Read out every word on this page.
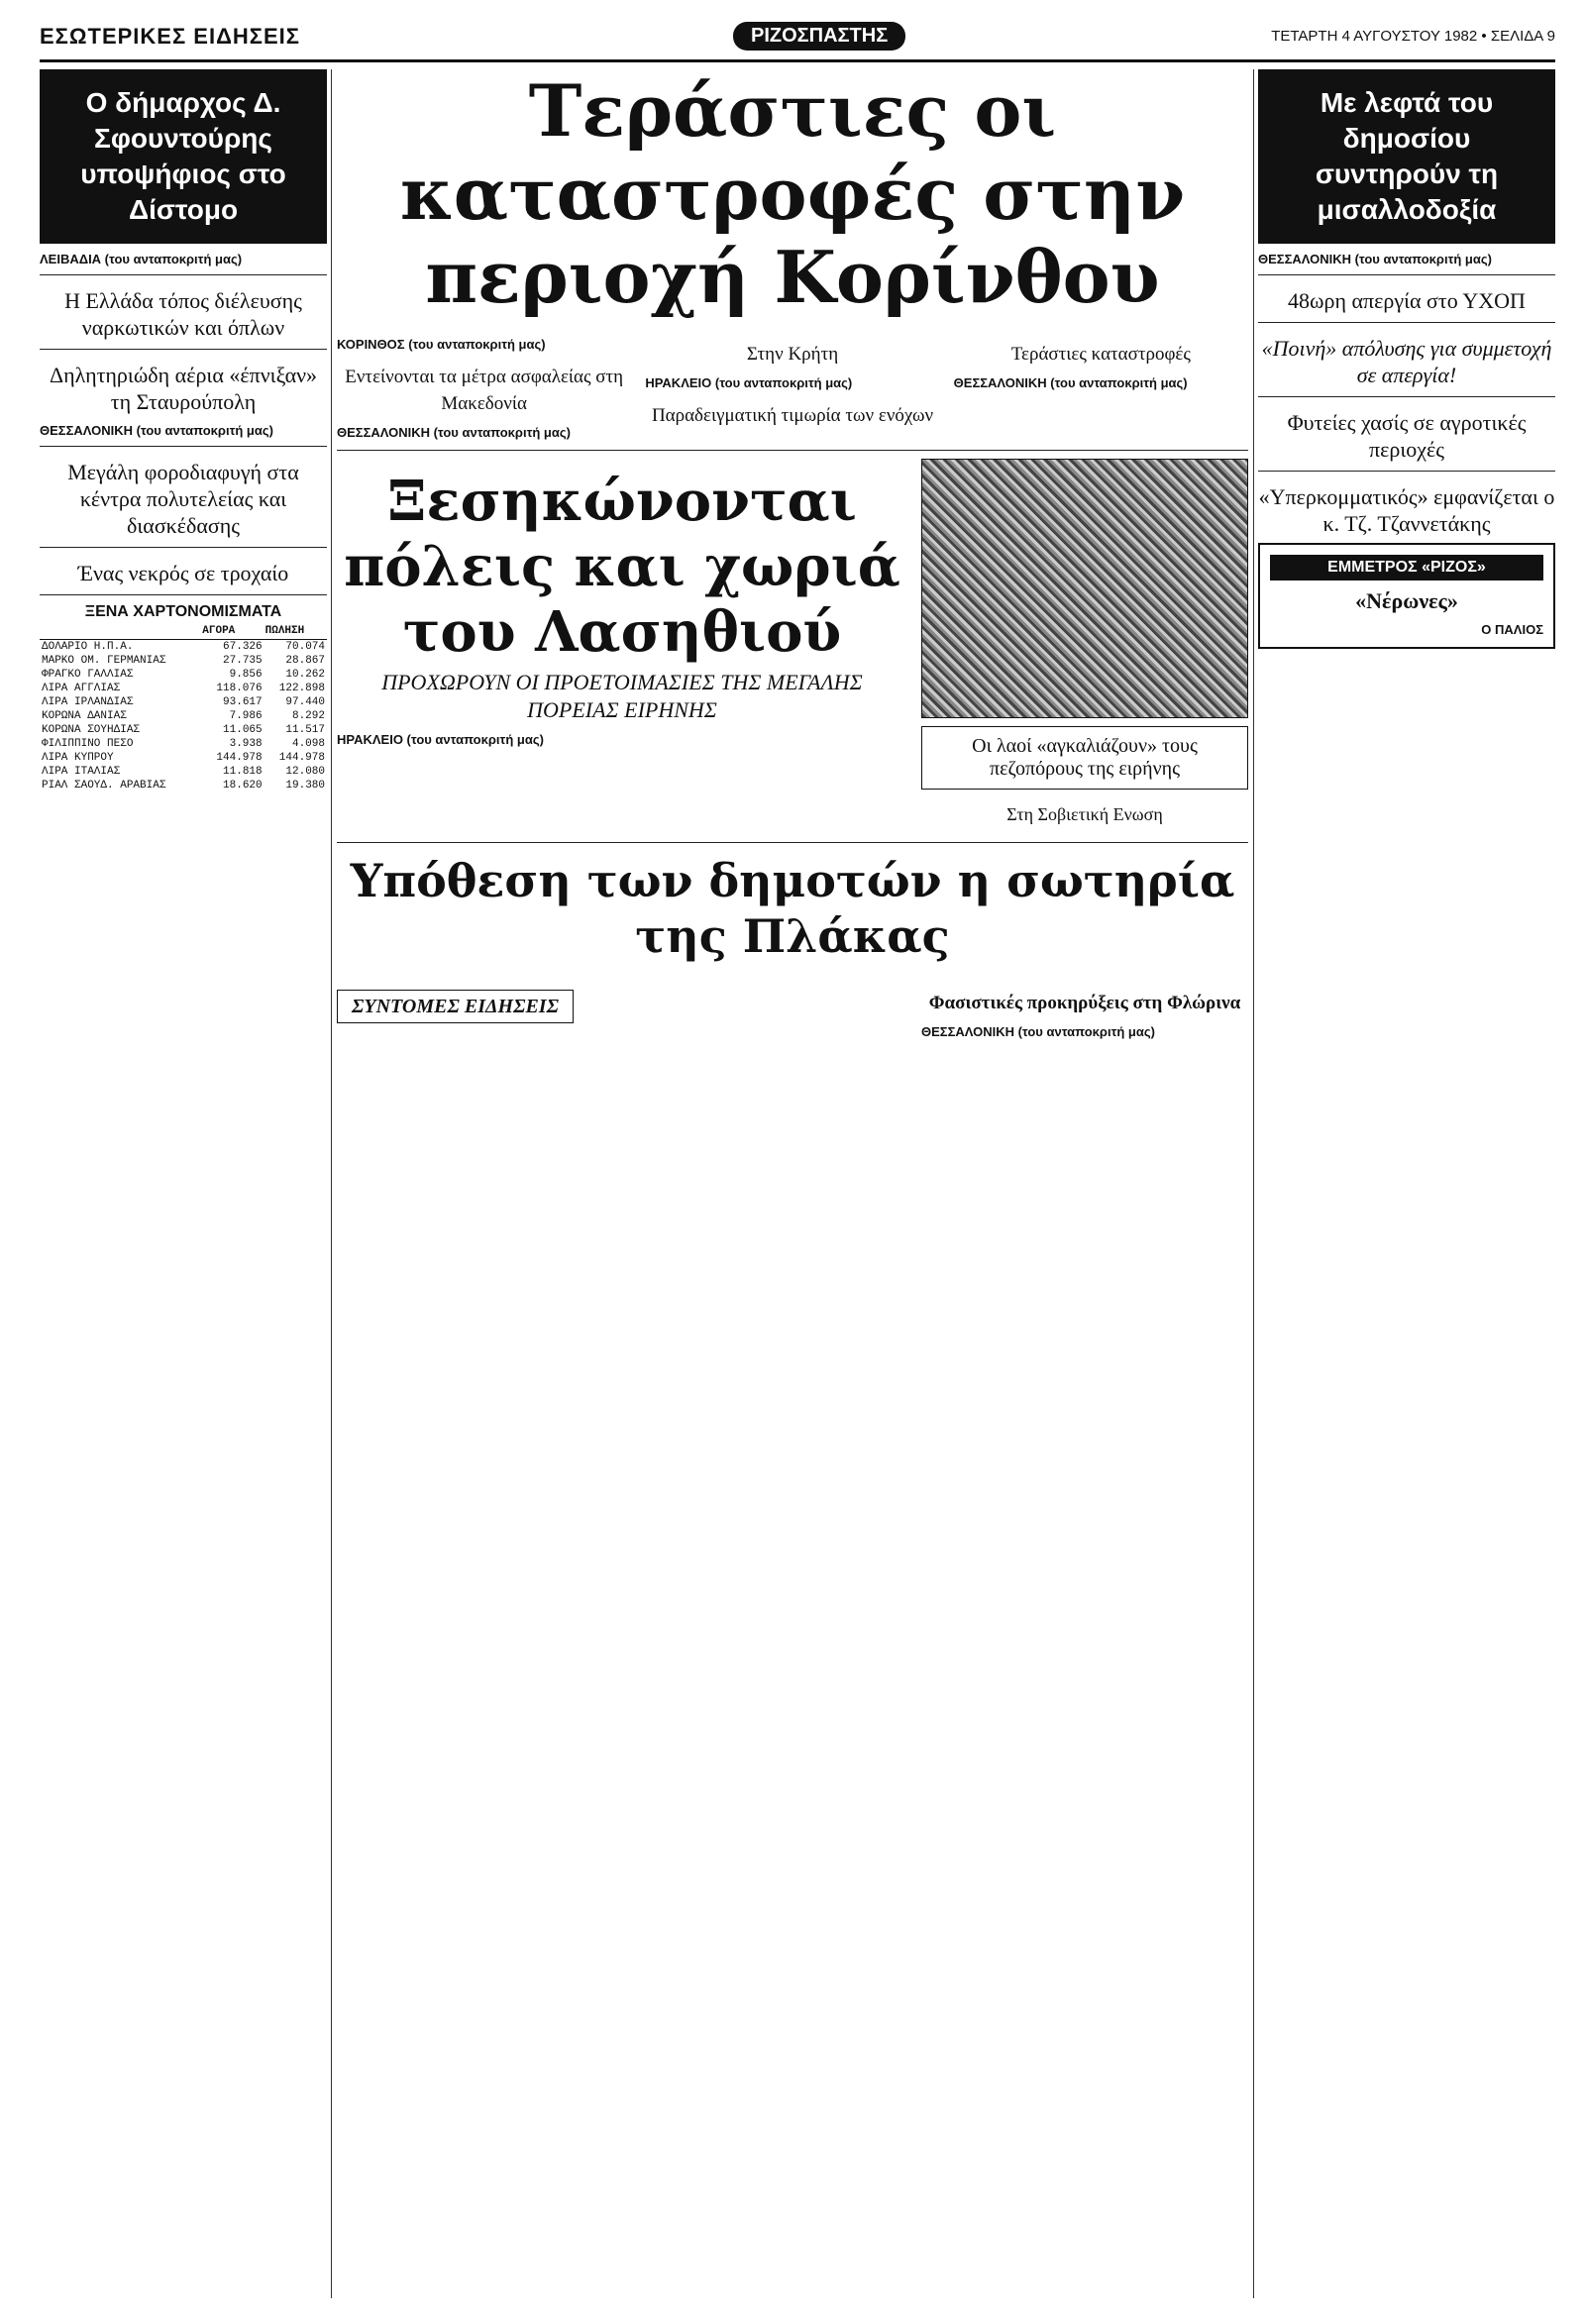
ΕΣΩΤΕΡΙΚΕΣ ΕΙΔΗΣΕΙΣ	ΡΙΖΟΣΠΑΣΤΗΣ	ΤΕΤΑΡΤΗ 4 ΑΥΓΟΥΣΤΟΥ 1982 • ΣΕΛΙΔΑ 9
Ο δήμαρχος Δ. Σφουντούρης υποψήφιος στο Δίστομο
ΛΕΙΒΑΔΙΑ (του ανταποκριτή μας)
Η Ελλάδα τόπος διέλευσης ναρκωτικών και όπλων
Δηλητηριώδη αέρια «έπνιξαν» τη Σταυρούπολη
ΘΕΣΣΑΛΟΝΙΚΗ (του ανταποκριτή μας)
Μεγάλη φοροδιαφυγή στα κέντρα πολυτελείας και διασκέδασης
Ένας νεκρός σε τροχαίο
ΞΕΝΑ ΧΑΡΤΟΝΟΜΙΣΜΑΤΑ
	ΑΓΟΡΑ	ΠΩΛΗΣΗ
ΔΟΛΑΡΙΟ Η.Π.Α.	67.326	70.074
ΜΑΡΚΟ ΟΜ. ΓΕΡΜΑΝΙΑΣ	27.735	28.867
ΦΡΑΓΚΟ ΓΑΛΛΙΑΣ	9.856	10.262
ΛΙΡΑ ΑΓΓΛΙΑΣ	118.076	122.898
ΛΙΡΑ ΙΡΛΑΝΔΙΑΣ	93.617	97.440
ΚΟΡΩΝΑ ΔΑΝΙΑΣ	7.986	8.292
ΚΟΡΩΝΑ ΣΟΥΗΔΙΑΣ	11.065	11.517
ΦΙΛΙΠΠΙΝΟ ΠΕΣΟ	3.938	4.098
ΛΙΡΑ ΚΥΠΡΟΥ	144.978	144.978
ΛΙΡΑ ΙΤΑΛΙΑΣ	11.818	12.080
ΡΙΑΛ ΣΑΟΥΔ. ΑΡΑΒΙΑΣ	18.620	19.380
Τεράστιες οι καταστροφές στην περιοχή Κορίνθου
ΚΟΡΙΝΘΟΣ (του ανταποκριτή μας)
Εντείνονται τα μέτρα ασφαλείας στη Μακεδονία
ΘΕΣΣΑΛΟΝΙΚΗ (του ανταποκριτή μας)
Στην Κρήτη
ΗΡΑΚΛΕΙΟ (του ανταποκριτή μας)
Παραδειγματική τιμωρία των ενόχων
Τεράστιες καταστροφές
ΘΕΣΣΑΛΟΝΙΚΗ (του ανταποκριτή μας)
Ξεσηκώνονται πόλεις και χωριά του Λασηθιού
ΠΡΟΧΩΡΟΥΝ ΟΙ ΠΡΟΕΤΟΙΜΑΣΙΕΣ ΤΗΣ ΜΕΓΑΛΗΣ ΠΟΡΕΙΑΣ ΕΙΡΗΝΗΣ
ΗΡΑΚΛΕΙΟ (του ανταποκριτή μας)	Οι λαοί «αγκαλιάζουν» τους πεζοπόρους της ειρήνης
Στη Σοβιετική Ενωση
Υπόθεση των δημοτών η σωτηρία της Πλάκας
ΣΥΝΤΟΜΕΣ ΕΙΔΗΣΕΙΣ	Φασιστικές προκηρύξεις στη Φλώρινα
ΘΕΣΣΑΛΟΝΙΚΗ (του ανταποκριτή μας)
Με λεφτά του δημοσίου συντηρούν τη μισαλλοδοξία
ΘΕΣΣΑΛΟΝΙΚΗ (του ανταποκριτή μας)
48ωρη απεργία στο ΥΧΟΠ
«Ποινή» απόλυσης για συμμετοχή σε απεργία!
Φυτείες χασίς σε αγροτικές περιοχές
«Υπερκομματικός» εμφανίζεται ο κ. Τζ. Τζαννετάκης
ΕΜΜΕΤΡΟΣ «ΡΙΖΟΣ»
«Νέρωνες»
Ο ΠΑΛΙΟΣ
